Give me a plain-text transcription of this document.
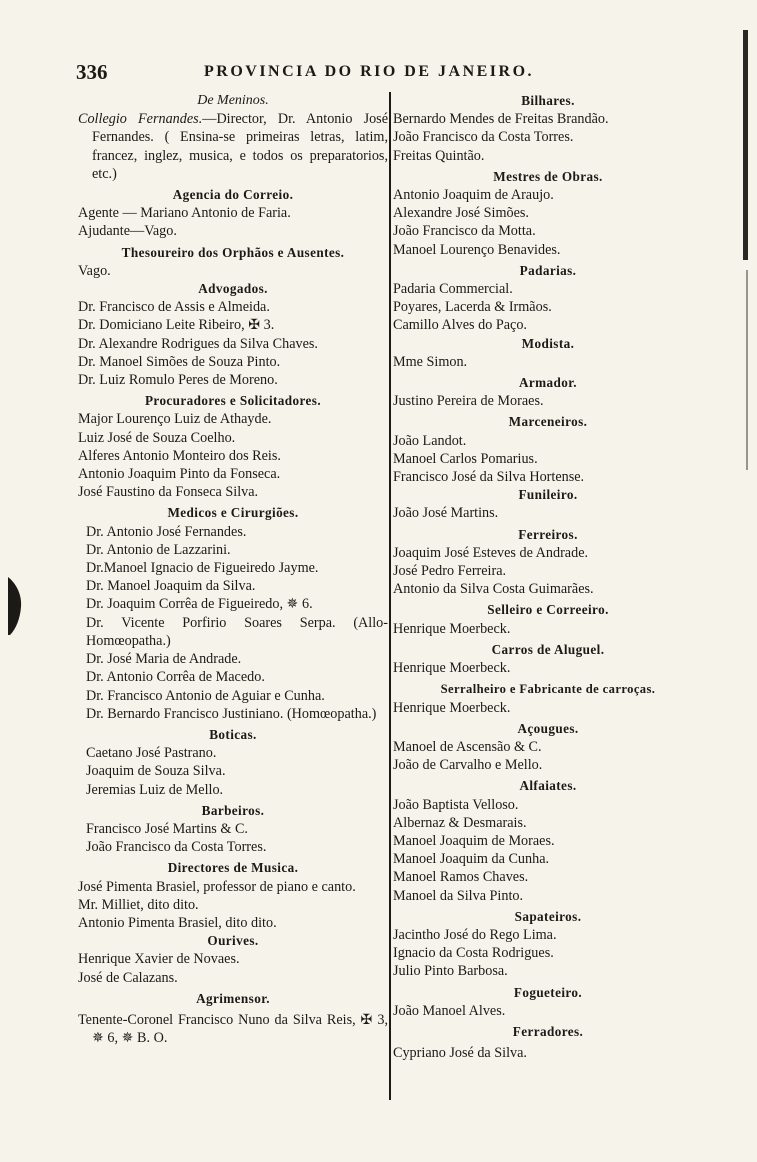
336	PROVINCIA DO RIO DE JANEIRO.
De Meninos.

Collegio Fernandes.—Director, Dr. Antonio José Fernandes. ( Ensina-se primeiras letras, latim, francez, inglez, musica, e todos os preparatorios, etc.)

Agencia do Correio.

Agente — Mariano Antonio de Faria.

Ajudante—Vago.

Thesoureiro dos Orphãos e Ausentes.

Vago.

Advogados.

Dr. Francisco de Assis e Almeida.

Dr. Domiciano Leite Ribeiro, ✠ 3.

Dr. Alexandre Rodrigues da Silva Chaves.

Dr. Manoel Simões de Souza Pinto.

Dr. Luiz Romulo Peres de Moreno.

Procuradores e Solicitadores.

Major Lourenço Luiz de Athayde.

Luiz José de Souza Coelho.

Alferes Antonio Monteiro dos Reis.

Antonio Joaquim Pinto da Fonseca.

José Faustino da Fonseca Silva.

Medicos e Cirurgiões.

Dr. Antonio José Fernandes.

Dr. Antonio de Lazzarini.

Dr.Manoel Ignacio de Figueiredo Jayme.

Dr. Manoel Joaquim da Silva.

Dr. Joaquim Corrêa de Figueiredo, ✵ 6.

Dr. Vicente Porfirio Soares Serpa. (Allo-Homœopatha.)

Dr. José Maria de Andrade.

Dr. Antonio Corrêa de Macedo.

Dr. Francisco Antonio de Aguiar e Cunha.

Dr. Bernardo Francisco Justiniano. (Homœopatha.)

Boticas.

Caetano José Pastrano.

Joaquim de Souza Silva.

Jeremias Luiz de Mello.

Barbeiros.

Francisco José Martins & C.

João Francisco da Costa Torres.

Directores de Musica.

José Pimenta Brasiel, professor de piano e canto.

Mr. Milliet, dito dito.

Antonio Pimenta Brasiel, dito dito.

Ourives.

Henrique Xavier de Novaes.

José de Calazans.

Agrimensor.

Tenente-Coronel Francisco Nuno da Silva Reis, ✠ 3, ✵ 6, ✵ B. O.

Bilhares.

Bernardo Mendes de Freitas Brandão.

João Francisco da Costa Torres.

Freitas Quintão.

Mestres de Obras.

Antonio Joaquim de Araujo.

Alexandre José Simões.

João Francisco da Motta.

Manoel Lourenço Benavides.

Padarias.

Padaria Commercial.

Poyares, Lacerda & Irmãos.

Camillo Alves do Paço.

Modista.

Mme Simon.

Armador.

Justino Pereira de Moraes.

Marceneiros.

João Landot.

Manoel Carlos Pomarius.

Francisco José da Silva Hortense.

Funileiro.

João José Martins.

Ferreiros.

Joaquim José Esteves de Andrade.

José Pedro Ferreira.

Antonio da Silva Costa Guimarães.

Selleiro e Correeiro.

Henrique Moerbeck.

Carros de Aluguel.

Henrique Moerbeck.

Serralheiro e Fabricante de carroças.

Henrique Moerbeck.

Açougues.

Manoel de Ascensão & C.

João de Carvalho e Mello.

Alfaiates.

João Baptista Velloso.

Albernaz & Desmarais.

Manoel Joaquim de Moraes.

Manoel Joaquim da Cunha.

Manoel Ramos Chaves.

Manoel da Silva Pinto.

Sapateiros.

Jacintho José do Rego Lima.

Ignacio da Costa Rodrigues.

Julio Pinto Barbosa.

Fogueteiro.

João Manoel Alves.

Ferradores.

Cypriano José da Silva.
